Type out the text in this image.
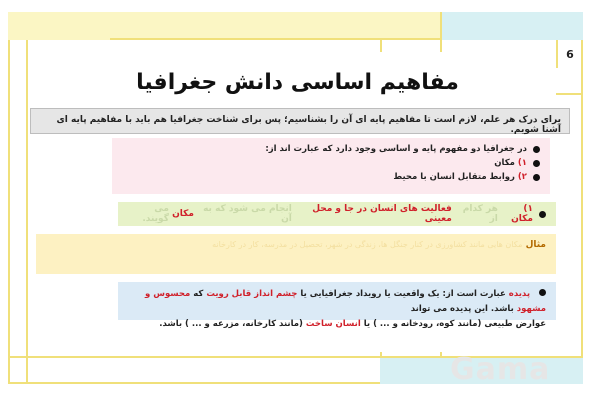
6
مفاهیم اساسی دانش جغرافیا
برای درک هر علم، لازم است تا مفاهیم پایه ای آن را بشناسیم؛ پس برای شناخت جغرافیا هم باید با مفاهیم پایه ای آشنا شویم.
در جغرافیا دو مفهوم پایه و اساسی وجود دارد که عبارت اند از:
۱)

مکان
۲)

روابط متقابل انسان با محیط
۱) مکان

هر کدام از

فعالیت های انسان در جا و محل معینی

انجام می شود که به آن

مکان

می گویند.
مثال مکان هایی مانند کشاورزی در کنار جنگل ها، زندگی در شهر، تحصیل در مدرسه، کار در کارخانه
پدیده عبارت است از: یک واقعیت یا رویداد جغرافیایی یا چشم انداز قابل رویت که محسوس و مشهود باشد. این پدیده می تواند
عوارض طبیعی (مانند کوه، رودخانه و ... ) یا انسان ساخت (مانند کارخانه، مزرعه و ... ) باشد.
Gama
